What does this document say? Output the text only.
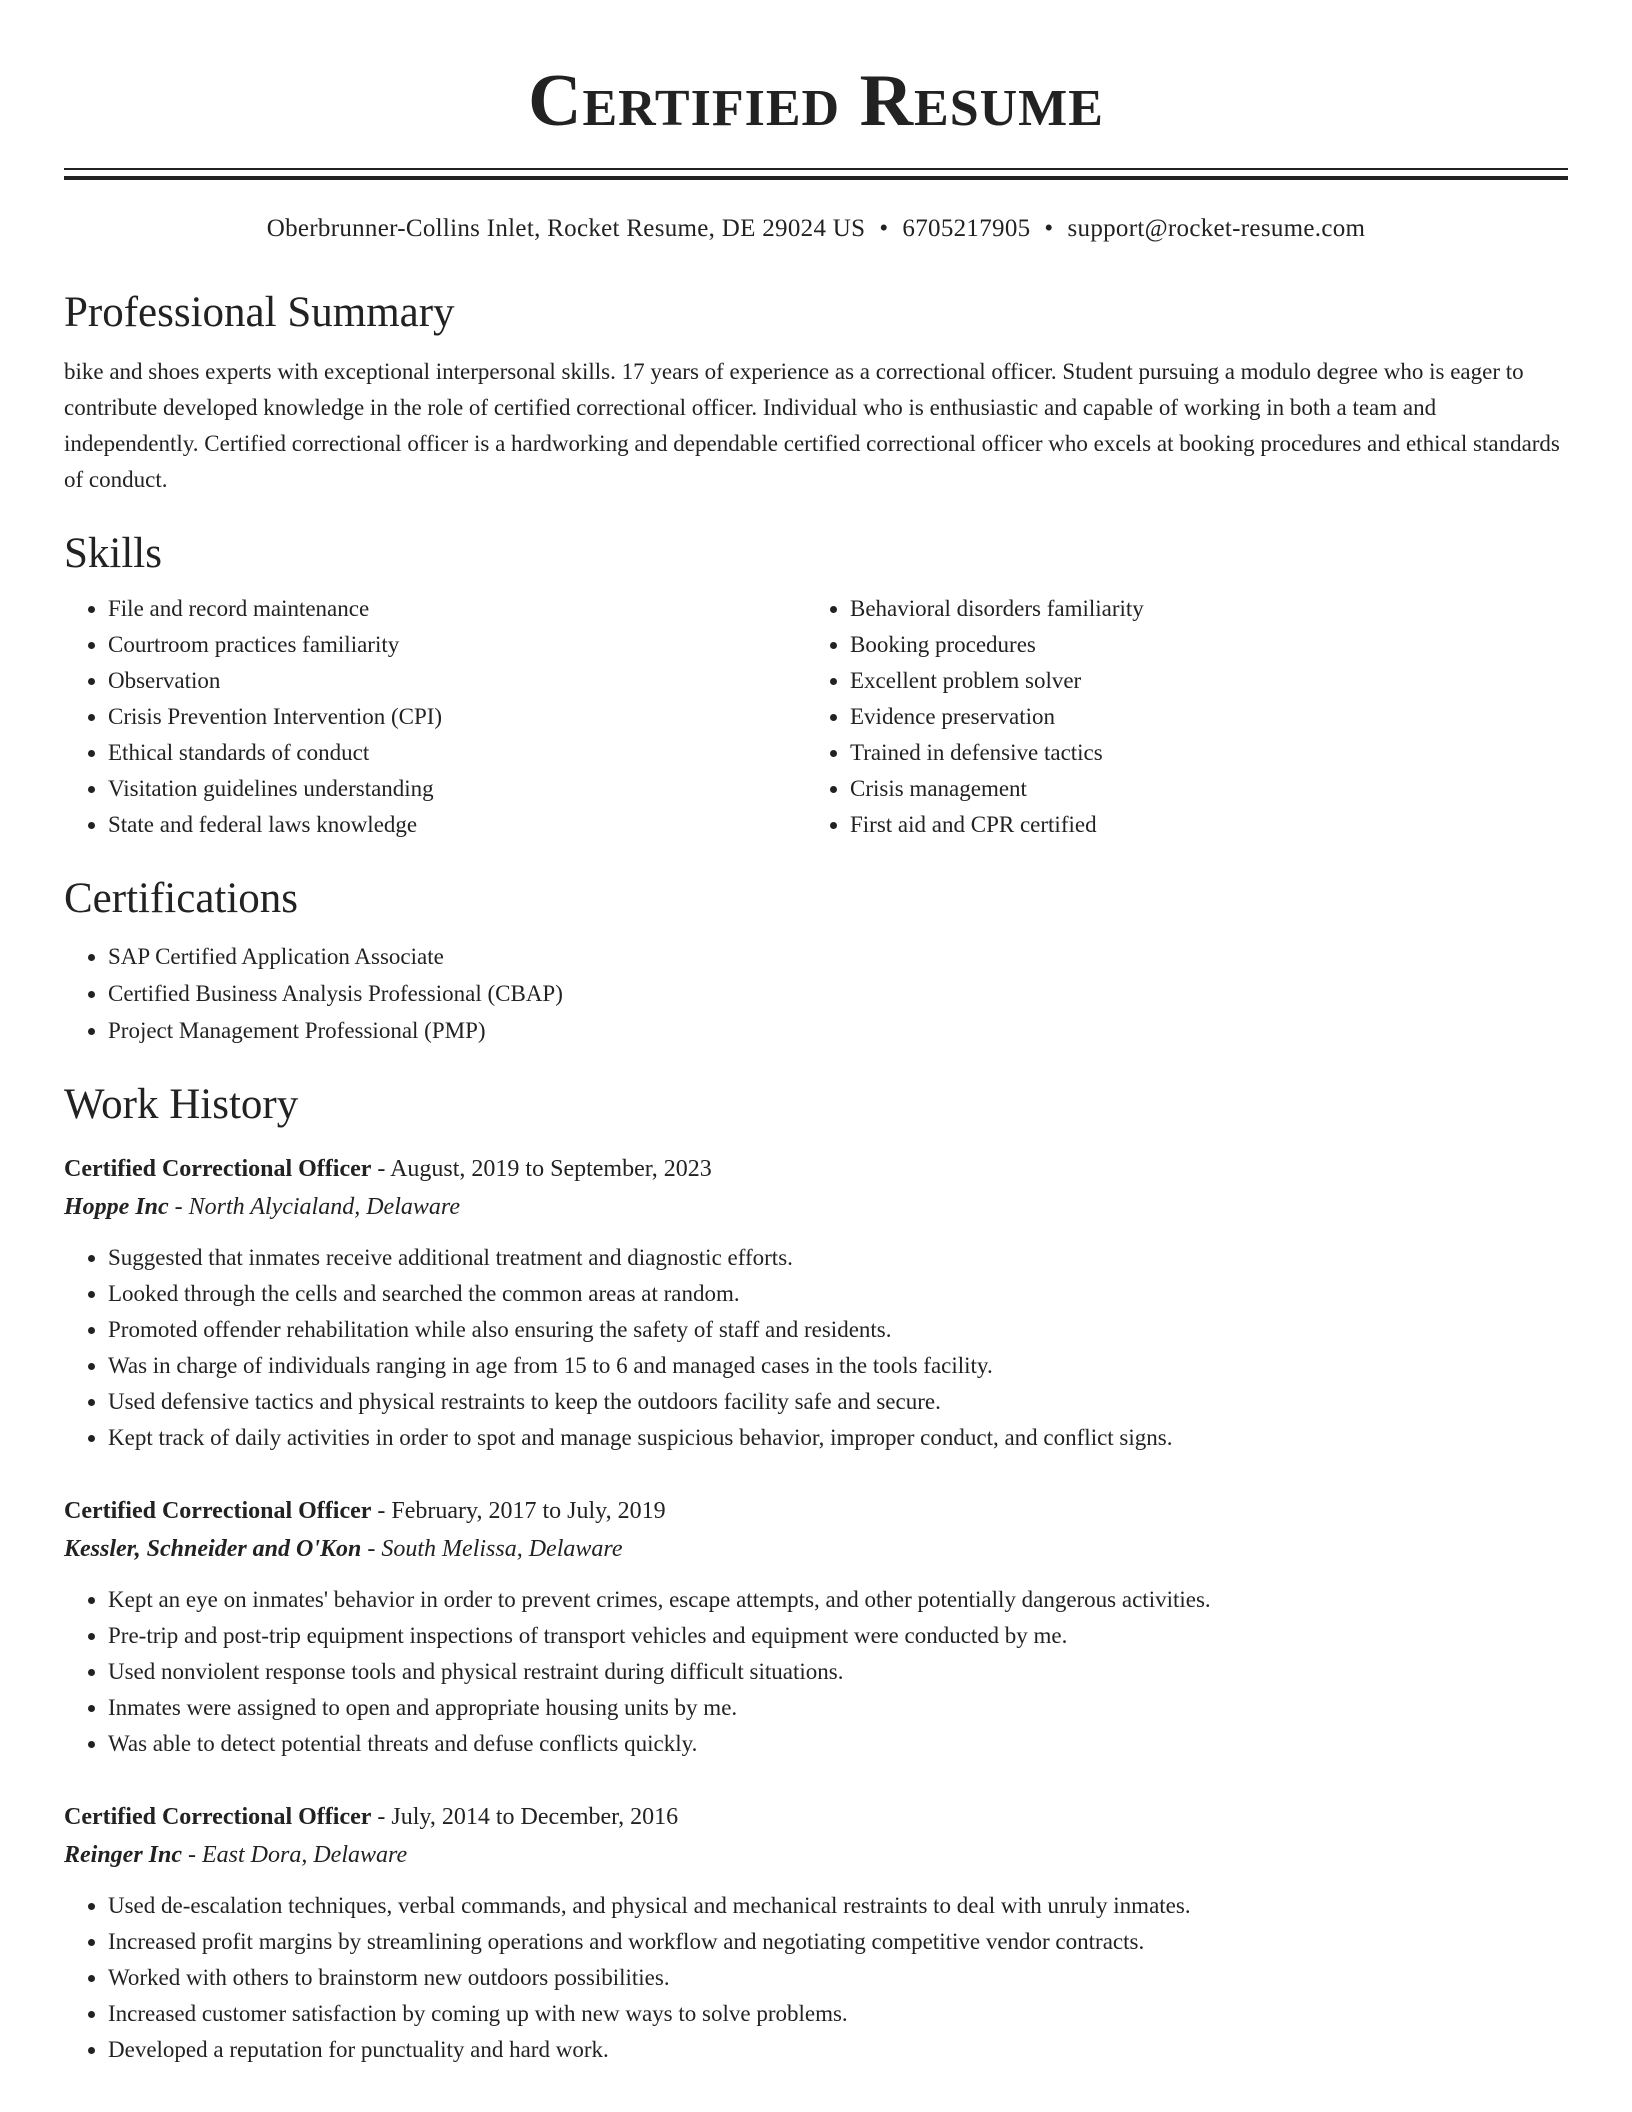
Certified Resume
Oberbrunner-Collins Inlet, Rocket Resume, DE 29024 US • 6705217905 • support@rocket-resume.com
Professional Summary

bike and shoes experts with exceptional interpersonal skills. 17 years of experience as a correctional officer. Student pursuing a modulo degree who is eager to contribute developed knowledge in the role of certified correctional officer. Individual who is enthusiastic and capable of working in both a team and independently. Certified correctional officer is a hardworking and dependable certified correctional officer who excels at booking procedures and ethical standards of conduct.

Skills
• File and record maintenance
• Courtroom practices familiarity
• Observation
• Crisis Prevention Intervention (CPI)
• Ethical standards of conduct
• Visitation guidelines understanding
• State and federal laws knowledge
• Behavioral disorders familiarity
• Booking procedures
• Excellent problem solver
• Evidence preservation
• Trained in defensive tactics
• Crisis management
• First aid and CPR certified
Certifications
• SAP Certified Application Associate
• Certified Business Analysis Professional (CBAP)
• Project Management Professional (PMP)
Work History
Certified Correctional Officer - August, 2019 to September, 2023
Hoppe Inc - North Alycialand, Delaware
• Suggested that inmates receive additional treatment and diagnostic efforts.
• Looked through the cells and searched the common areas at random.
• Promoted offender rehabilitation while also ensuring the safety of staff and residents.
• Was in charge of individuals ranging in age from 15 to 6 and managed cases in the tools facility.
• Used defensive tactics and physical restraints to keep the outdoors facility safe and secure.
• Kept track of daily activities in order to spot and manage suspicious behavior, improper conduct, and conflict signs.
Certified Correctional Officer - February, 2017 to July, 2019
Kessler, Schneider and O'Kon - South Melissa, Delaware
• Kept an eye on inmates' behavior in order to prevent crimes, escape attempts, and other potentially dangerous activities.
• Pre-trip and post-trip equipment inspections of transport vehicles and equipment were conducted by me.
• Used nonviolent response tools and physical restraint during difficult situations.
• Inmates were assigned to open and appropriate housing units by me.
• Was able to detect potential threats and defuse conflicts quickly.
Certified Correctional Officer - July, 2014 to December, 2016
Reinger Inc - East Dora, Delaware
• Used de-escalation techniques, verbal commands, and physical and mechanical restraints to deal with unruly inmates.
• Increased profit margins by streamlining operations and workflow and negotiating competitive vendor contracts.
• Worked with others to brainstorm new outdoors possibilities.
• Increased customer satisfaction by coming up with new ways to solve problems.
• Developed a reputation for punctuality and hard work.
